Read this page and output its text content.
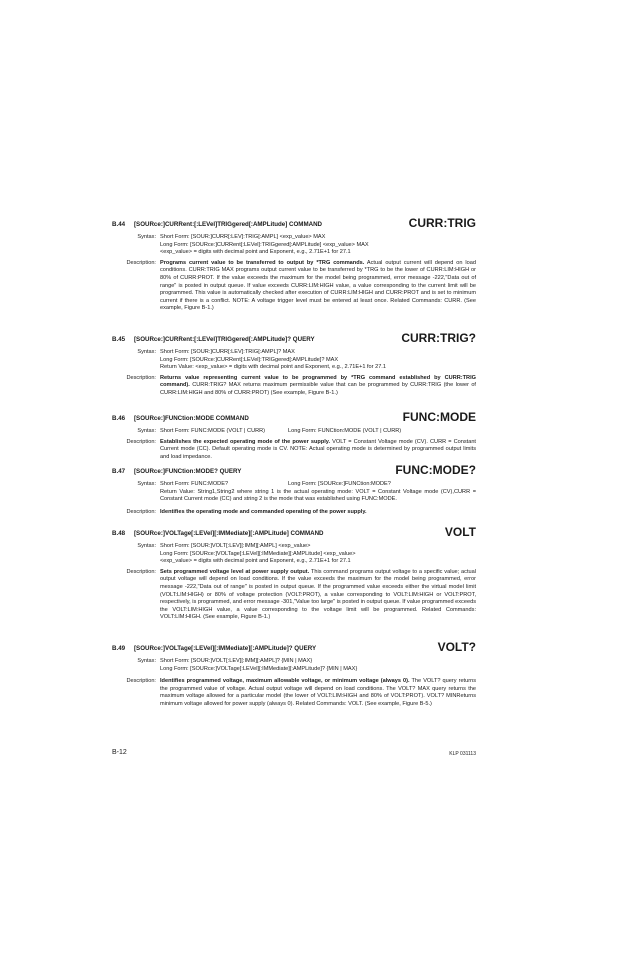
B.44 [SOURce:]CURRent:[:LEVel]TRIGgered[:AMPLitude] COMMAND	CURR:TRIG
Syntax: Short Form: [SOUR:]CURR[:LEV]:TRIG[:AMPL] <exp_value> MAX

Long Form: [SOURce:]CURRent[:LEVel]:TRIGgered[:AMPLitude] <exp_value> MAX

<exp_value> = digits with decimal point and Exponent, e.g., 2.71E+1 for 27.1

Description: Programs current value to be transferred to output by *TRG commands. Actual output current will depend on load conditions. CURR:TRIG MAX programs output current value to be transferred by *TRG to be the lower of CURR:LIM:HIGH or 80% of CURR:PROT. If the value exceeds the maximum for the model being programmed, error message -222,"Data out of range" is posted in output queue. If value exceeds CURR:LIM:HIGH value, a value corresponding to the current limit will be programmed. This value is automatically checked after execution of CURR:LIM:HIGH and CURR:PROT and is set to minimum current if there is a conflict. NOTE: A voltage trigger level must be entered at least once. Related Commands: CURR. (See example, Figure B-1.)

B.45 [SOURce:]CURRent:[:LEVel]TRIGgered[:AMPLitude]? QUERY	CURR:TRIG?
Syntax: Short Form: [SOUR:]CURR[:LEV]:TRIG[:AMPL]? MAX

Long Form: [SOURce:]CURRent[:LEVel]:TRIGgered[:AMPLitude]? MAX

Return Value: <exp_value> = digits with decimal point and Exponent, e.g., 2.71E+1 for 27.1

Description: Returns value representing current value to be programmed by *TRG command established by CURR:TRIG command). CURR:TRIG? MAX returns maximum permissible value that can be programmed by CURR:TRIG (the lower of CURR:LIM:HIGH and 80% of CURR:PROT) (See example, Figure B-1.)

B.46 [SOURce:]FUNCtion:MODE COMMAND	FUNC:MODE
Syntax: Short Form: FUNC:MODE (VOLT | CURR)	Long Form: FUNCtion:MODE (VOLT | CURR)

Description: Establishes the expected operating mode of the power supply. VOLT = Constant Voltage mode (CV). CURR = Constant Current mode (CC). Default operating mode is CV. NOTE: Actual operating mode is determined by programmed output limits and load impedance.

B.47 [SOURce:]FUNCtion:MODE? QUERY	FUNC:MODE?
Syntax: Short Form: FUNC:MODE?	Long Form: [SOURce:]FUNCtion:MODE?

Return Value: String1,String2 where string 1 is the actual operating mode: VOLT = Constant Voltage mode (CV),CURR = Constant Current mode (CC) and string 2 is the mode that was established using FUNC:MODE.

Description: Identifies the operating mode and commanded operating of the power supply.

B.48 [SOURce:]VOLTage[:LEVel][:IMMediate][:AMPLitude] COMMAND	VOLT
Syntax: Short Form: [SOUR:]VOLT[:LEV][:IMM][:AMPL] <exp_value>

Long Form: [SOURce:]VOLTage[:LEVel][:IMMediate][:AMPLitude] <exp_value>

<exp_value> = digits with decimal point and Exponent, e.g., 2.71E+1 for 27.1

Description: Sets programmed voltage level at power supply output. This command programs output voltage to a specific value; actual output voltage will depend on load conditions. If the value exceeds the maximum for the model being programmed, error message -222,"Data out of range" is posted in output queue. If the programmed value exceeds either the virtual model limit (VOLT:LIM:HIGH) or 80% of voltage protection (VOLT:PROT), a value corresponding to VOLT:LIM:HIGH or VOLT:PROT, respectively, is programmed, and error message -301,"Value too large" is posted in output queue. If value programmed exceeds the VOLT:LIM:HIGH value, a value corresponding to the voltage limit will be programmed. Related Commands: VOLT:LIM:HIGH. (See example, Figure B-1.)

B.49 [SOURce:]VOLTage[:LEVel][:IMMediate][:AMPLitude]? QUERY	VOLT?
Syntax: Short Form: [SOUR:]VOLT[:LEV][:IMM][:AMPL]? {MIN | MAX}

Long Form: [SOURce:]VOLTage[:LEVel][:IMMediate][:AMPLitude]? {MIN | MAX}

Description: Identifies programmed voltage, maximum allowable voltage, or minimum voltage (always 0). The VOLT? query returns the programmed value of voltage. Actual output voltage will depend on load conditions. The VOLT? MAX query returns the maximum voltage allowed for a particular model (the lower of VOLT:LIM:HIGH and 80% of VOLT:PROT). VOLT? MINReturns minimum voltage allowed for power supply (always 0). Related Commands: VOLT. (See example, Figure B-5.)

B-12	KLP 031113
